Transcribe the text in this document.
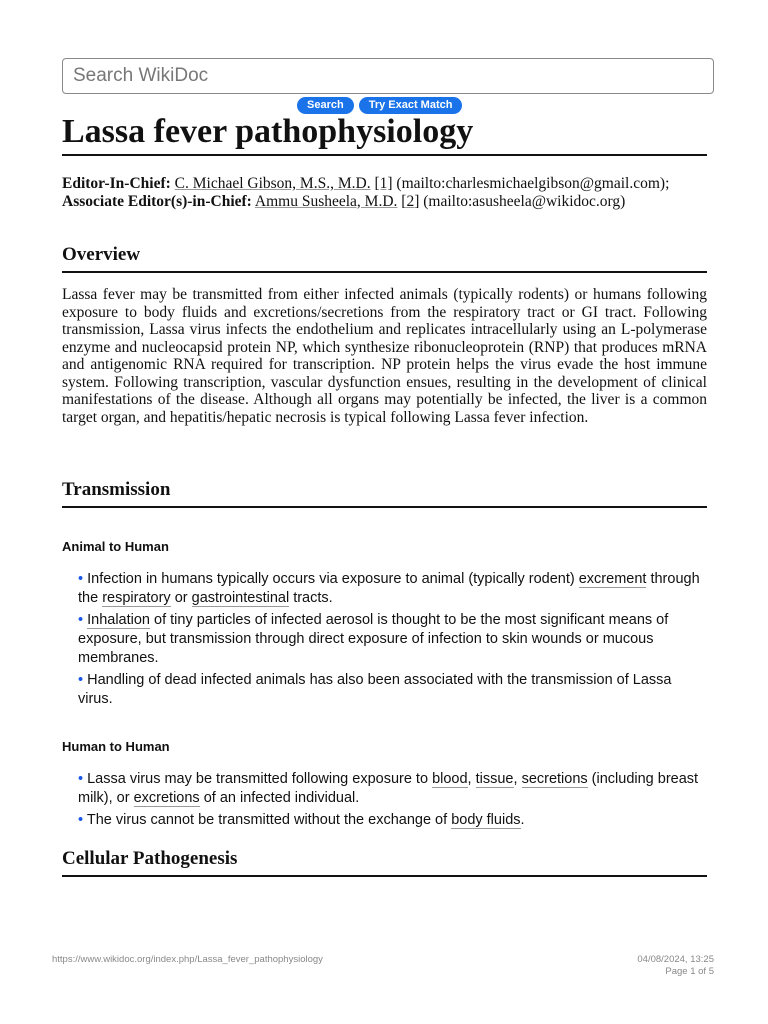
Search WikiDoc
Search	Try Exact Match
Lassa fever pathophysiology
Editor-In-Chief: C. Michael Gibson, M.S., M.D. [1] (mailto:charlesmichaelgibson@gmail.com); Associate Editor(s)-in-Chief: Ammu Susheela, M.D. [2] (mailto:asusheela@wikidoc.org)
Overview

Lassa fever may be transmitted from either infected animals (typically rodents) or humans following exposure to body fluids and excretions/secretions from the respiratory tract or GI tract. Following transmission, Lassa virus infects the endothelium and replicates intracellularly using an L-polymerase enzyme and nucleocapsid protein NP, which synthesize ribonucleoprotein (RNP) that produces mRNA and antigenomic RNA required for transcription. NP protein helps the virus evade the host immune system. Following transcription, vascular dysfunction ensues, resulting in the development of clinical manifestations of the disease. Although all organs may potentially be infected, the liver is a common target organ, and hepatitis/hepatic necrosis is typical following Lassa fever infection.

Transmission
Animal to Human
• Infection in humans typically occurs via exposure to animal (typically rodent) excrement through the respiratory or gastrointestinal tracts.
• Inhalation of tiny particles of infected aerosol is thought to be the most significant means of exposure, but transmission through direct exposure of infection to skin wounds or mucous membranes.
• Handling of dead infected animals has also been associated with the transmission of Lassa virus.
Human to Human
• Lassa virus may be transmitted following exposure to blood, tissue, secretions (including breast milk), or excretions of an infected individual.
• The virus cannot be transmitted without the exchange of body fluids.
Cellular Pathogenesis
https://www.wikidoc.org/index.php/Lassa_fever_pathophysiology	04/08/2024, 13:25
Page 1 of 5
